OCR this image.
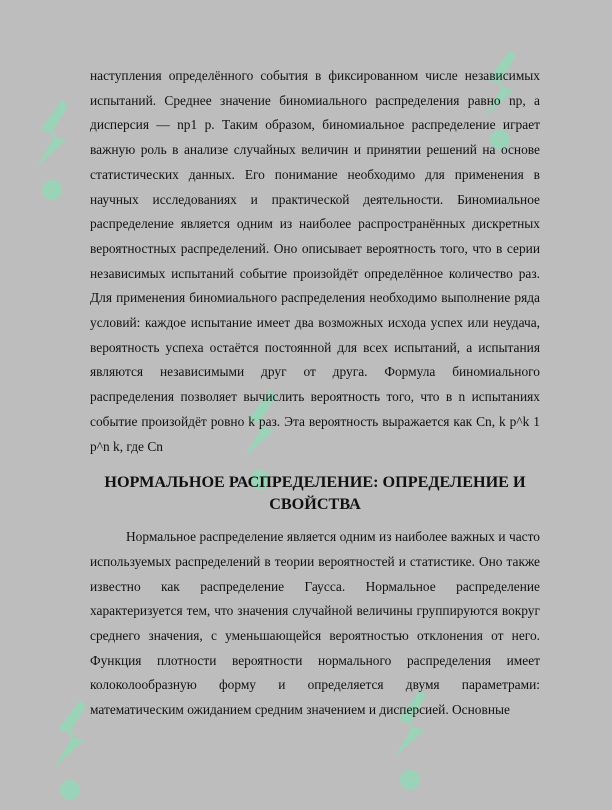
наступления определённого события в фиксированном числе независимых испытаний. Среднее значение биномиального распределения равно np, а дисперсия — np1 p. Таким образом, биномиальное распределение играет важную роль в анализе случайных величин и принятии решений на основе статистических данных. Его понимание необходимо для применения в научных исследованиях и практической деятельности. Биномиальное распределение является одним из наиболее распространённых дискретных вероятностных распределений. Оно описывает вероятность того, что в серии независимых испытаний событие произойдёт определённое количество раз. Для применения биномиального распределения необходимо выполнение ряда условий: каждое испытание имеет два возможных исхода успех или неудача, вероятность успеха остаётся постоянной для всех испытаний, а испытания являются независимыми друг от друга. Формула биномиального распределения позволяет вычислить вероятность того, что в n испытаниях событие произойдёт ровно k раз. Эта вероятность выражается как Cn, k p^k 1 p^n k, где Cn

НОРМАЛЬНОЕ РАСПРЕДЕЛЕНИЕ: ОПРЕДЕЛЕНИЕ И СВОЙСТВА

Нормальное распределение является одним из наиболее важных и часто используемых распределений в теории вероятностей и статистике. Оно также известно как распределение Гаусса. Нормальное распределение характеризуется тем, что значения случайной величины группируются вокруг среднего значения, с уменьшающейся вероятностью отклонения от него. Функция плотности вероятности нормального распределения имеет колоколообразную форму и определяется двумя параметрами: математическим ожиданием средним значением и дисперсией. Основные
